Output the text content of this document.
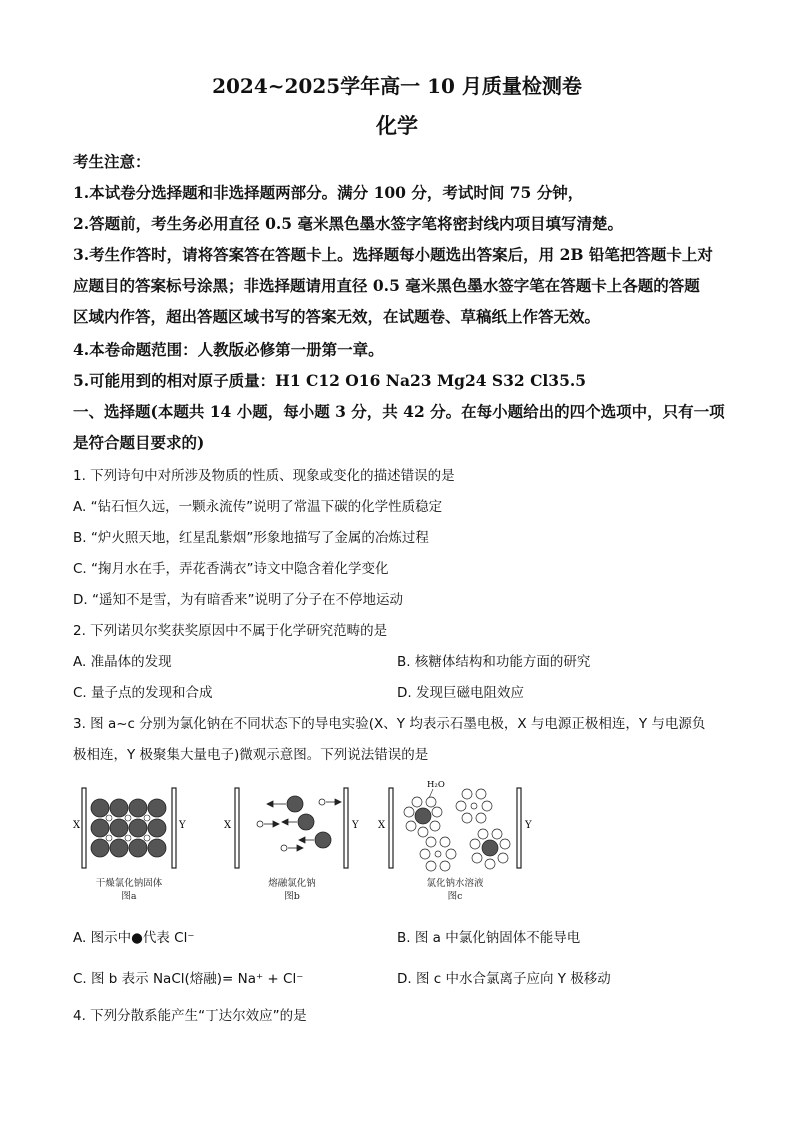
2024~2025学年高一 10 月质量检测卷
化学
考生注意：
1.本试卷分选择题和非选择题两部分。满分 100 分，考试时间 75 分钟，
2.答题前，考生务必用直径 0.5 毫米黑色墨水签字笔将密封线内项目填写清楚。
3.考生作答时，请将答案答在答题卡上。选择题每小题选出答案后，用 2B 铅笔把答题卡上对
应题目的答案标号涂黑；非选择题请用直径 0.5 毫米黑色墨水签字笔在答题卡上各题的答题
区域内作答，超出答题区域书写的答案无效，在试题卷、草稿纸上作答无效。
4.本卷命题范围：人教版必修第一册第一章。
5.可能用到的相对原子质量：H1 C12 O16 Na23 Mg24 S32 Cl35.5
一、选择题(本题共 14 小题，每小题 3 分，共 42 分。在每小题给出的四个选项中，只有一项
是符合题目要求的)
1. 下列诗句中对所涉及物质的性质、现象或变化的描述错误的是
A. “钻石恒久远，一颗永流传”说明了常温下碳的化学性质稳定
B. “炉火照天地，红星乱紫烟”形象地描写了金属的冶炼过程
C. “掬月水在手，弄花香满衣”诗文中隐含着化学变化
D. “遥知不是雪，为有暗香来”说明了分子在不停地运动
2. 下列诺贝尔奖获奖原因中不属于化学研究范畴的是
A. 准晶体的发现	B. 核糖体结构和功能方面的研究
C. 量子点的发现和合成	D. 发现巨磁电阻效应
3. 图 a~c 分别为氯化钠在不同状态下的导电实验(X、Y 均表示石墨电极，X 与电源正极相连，Y 与电源负
极相连，Y 极聚集大量电子)微观示意图。下列说法错误的是
X	Y
干燥氯化钠固体
图a
X	Y
熔融氯化钠
图b
X	Y
H₂O
氯化钠水溶液
图c
A. 图示中●代表 Cl⁻	B. 图 a 中氯化钠固体不能导电
C. 图 b 表示 NaCl(熔融)= Na⁺ + Cl⁻	D. 图 c 中水合氯离子应向 Y 极移动
4. 下列分散系能产生“丁达尔效应”的是
